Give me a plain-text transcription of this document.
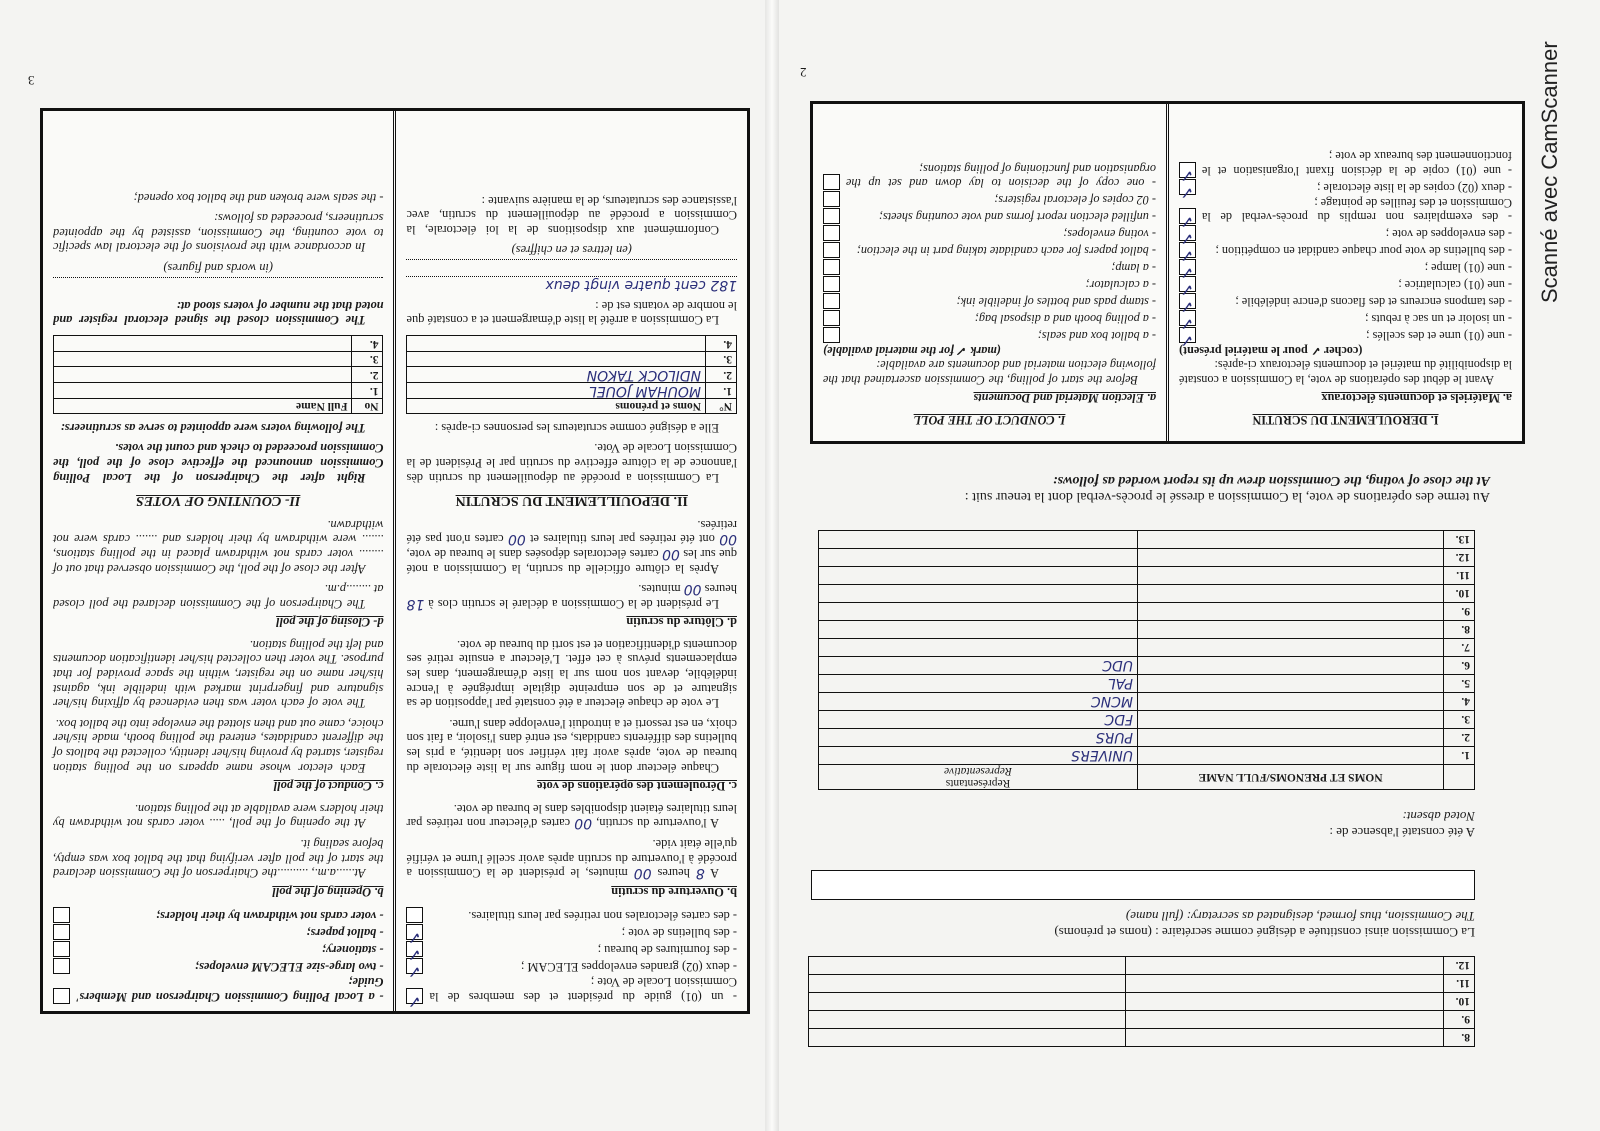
3
2	Scanné avec CamScanner
- un (01) guide du président et des membres de la Commission Locale de Vote ;
✓
- deux (02) grandes enveloppes ELECAM ;
✓
- des fournitures de bureau ;
✓
- des bulletins de vote ;
✓
- des cartes électorales non retirées par leurs titulaires.
b. Ouverture du scrutin

A 8 heures 00 minutes, le président de la Commission a procédé à l'ouverture du scrutin après avoir scellé l'urne et vérifié qu'elle était vide.

A l'ouverture du scrutin, 00 cartes d'électeur non retirées par leurs titulaires étaient disponibles dans le bureau de vote.

c. Déroulement des opérations de vote

Chaque électeur dont le nom figure sur la liste électorale du bureau de vote, après avoir fait vérifier son identité, a pris les bulletins des différents candidats, est entré dans l'isoloir, a fait son choix, en est ressorti et a introduit l'enveloppe dans l'urne.

Le vote de chaque électeur a été constaté par l'apposition de sa signature et de son empreinte digitale imprégnée à l'encre indélébile, devant son nom sur la liste d'émargement, dans les emplacements prévus à cet effet. L'électeur a ensuite retiré ses documents d'identification et est sorti du bureau de vote.

d. Clôture du scrutin

Le président de la Commission a déclaré le scrutin clos à 18 heures 00 minutes.

Après la clôture officielle du scrutin, la Commission a noté que sur les 00 cartes électorales déposées dans le bureau de vote, 00 ont été retirées par leurs titulaires et 00 cartes n'ont pas été retirées.

II. DEPOUILLEMENT DU SCRUTIN

La Commission a procédé au dépouillement du scrutin dès l'annonce de la clôture effective du scrutin par le Président de la Commission Locale de Vote.

Elle a désigné comme scrutateurs les personnes ci-après :

N°	Noms et prénoms
1.	MOUHAM JOUEL
2.	NDILOCK TAKON
3.	
4.	

La Commission a arrêté la liste d'émargement et a constaté que le nombre de votants est de :

182 cent quatre vingt deux
(en lettres et en chiffres)

Conformément aux dispositions de la loi électorale, la Commission a procédé au dépouillement du scrutin, avec l'assistance des scrutateurs, de la manière suivante :

- a Local Polling Commission Chairperson and Members' Guide;
- two large-size ELECAM envelopes;
- stationery;
- ballot papers;
- voter cards not withdrawn by their holders;
b. Opening of the poll

At......a.m., ..........the Chairperson of the Commission declared the start of the poll after verifying that the ballot box was empty, before sealing it.

At the opening of the poll, ..... voter cards not withdrawn by their holders were available at the polling station.

c. Conduct of the poll

Each elector whose name appears on the polling station register, started by proving his/her identity, collected the ballots of the different candidates, entered the polling booth, made his/her choice, came out and then slotted the envelope into the ballot box.

The vote of each voter was then evidenced by affixing his/her signature and fingerprint marked with indelible ink, against his/her name on the register, within the space provided for that purpose. The voter then collected his/her identification documents and left the polling station.

d- Closing of the poll

The Chairperson of the Commission declared the poll closed at ........p.m.

After the close of the poll, the Commission observed that out of ........ voter cards not withdrawn placed in the polling stations, ....... were withdrawn by their holders and ....... cards were not withdrawn.

II- COUNTING OF VOTES

Right after the Chairperson of the Local Polling Commission announced the effective close of the poll, the Commission proceeded to check and count the votes.

The following voters were appointed to serve as scrutineers:

No	Full Name
1.	
2.	
3.	
4.	

The Commission closed the signed electoral register and noted that the number of voters stood at:

(in words and figures)

In accordance with the provisions of the electoral law specific to vote counting, the Commission, assisted by the appointed scrutineers, proceeded as follows:

- the seals were broken and the ballot box opened;
8.		
9.		
10.		
11.		
12.		
La Commission ainsi constituée a désigné comme secrétaire : (noms et prénoms)
The Commission, thus formed, designated as secretary: (full name)
A été constaté l'absence de :
Noted absent:
	NOMS ET PRENOMS/FULL NAME	Représentants
Representative

1.		UNIVERS
2.		PURS
3.		FDC
4.		MCNC
5.		PAL
6.		UDC
7.		
8.		
9.		
10.		
11.		
12.		
13.		
Au terme des opérations de vote, la Commission a dressé le procès-verbal dont la teneur suit :
At the close of voting, the Commission drew up its report worded as follows:
I. DEROULEMENT DU SCRUTIN
a. Matériels et documents électoraux

Avant le début des opérations de vote, la Commission a constaté la disponibilité du matériel et documents électoraux ci-après:

(cocher ✓ pour le matériel présent)
- une (01) urne et des scellés ;
✓
- un isoloir et un sac à rebuts ;
✓
- des tampons encreurs et des flacons d'encre indélébile ;
✓
- une (01) calculatrice ;
✓
- une (01) lampe ;
✓
- des bulletins de vote pour chaque candidat en compétition ;
✓
- des enveloppes de vote ;
✓
- des exemplaires non remplis du procès-verbal de la Commission et des feuilles de pointage ;
✓
- deux (02) copies de la liste électorale ;
✓
- une (01) copie de la décision fixant l'organisation et le fonctionnement des bureaux de vote ;
✓
I. CONDUCT OF THE POLL
a. Election Material and Documents

Before the start of polling, the Commission ascertained that the following election material and documents are available:

(mark ✓ for the material available)
- a ballot box and seals;
- a polling booth and a disposal bag;
- stamp pads and bottles of indelible ink;
- a calculator;
- a lamp;
- ballot papers for each candidate taking part in the election;
- voting envelopes;
- unfilled election report forms and vote counting sheets;
- 02 copies of electoral registers;
- one copy of the decision to lay down and set up the organisation and functioning of polling stations;
